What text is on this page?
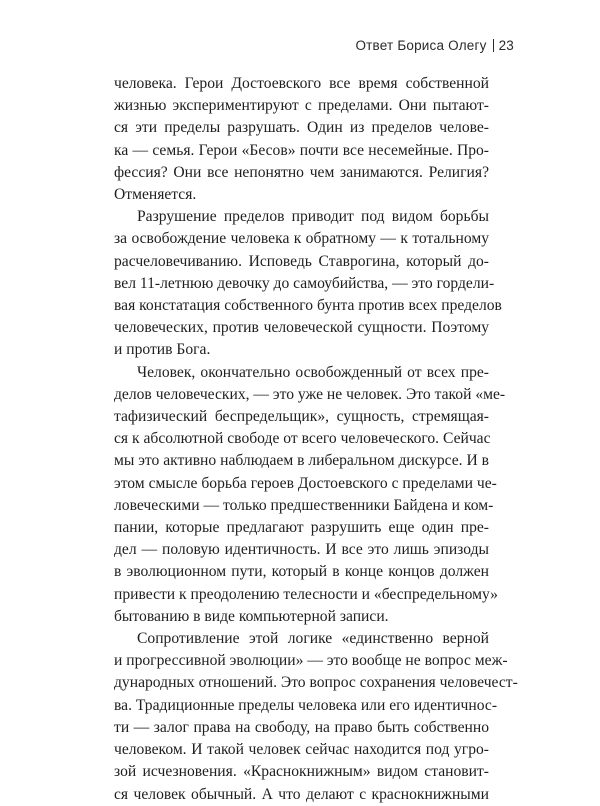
Ответ Бориса Олегу 23

человека. Герои Достоевского все время собственной
жизнью экспериментируют с пределами. Они пытают-
ся эти пределы разрушать. Один из пределов челове-
ка — семья. Герои «Бесов» почти все несемейные. Про-
фессия? Они все непонятно чем занимаются. Религия?
Отменяется.

Разрушение пределов приводит под видом борьбы
за освобождение человека к обратному — к тотальному
расчеловечиванию. Исповедь Ставрогина, который до-
вел 11-летнюю девочку до самоубийства, — это гордели-
вая констатация собственного бунта против всех пределов
человеческих, против человеческой сущности. Поэтому
и против Бога.

Человек, окончательно освобожденный от всех пре-
делов человеческих, — это уже не человек. Это такой «ме-
тафизический беспредельщик», сущность, стремящая-
ся к абсолютной свободе от всего человеческого. Сейчас
мы это активно наблюдаем в либеральном дискурсе. И в
этом смысле борьба героев Достоевского с пределами че-
ловеческими — только предшественники Байдена и ком-
пании, которые предлагают разрушить еще один пре-
дел — половую идентичность. И все это лишь эпизоды
в эволюционном пути, который в конце концов должен
привести к преодолению телесности и «беспредельному»
бытованию в виде компьютерной записи.

Сопротивление этой логике «единственно верной
и прогрессивной эволюции» — это вообще не вопрос меж-
дународных отношений. Это вопрос сохранения человечест-
ва. Традиционные пределы человека или его идентичнос-
ти — залог права на свободу, на право быть собственно
человеком. И такой человек сейчас находится под угро-
зой исчезновения. «Краснокнижным» видом становит-
ся человек обычный. А что делают с краснокнижными
